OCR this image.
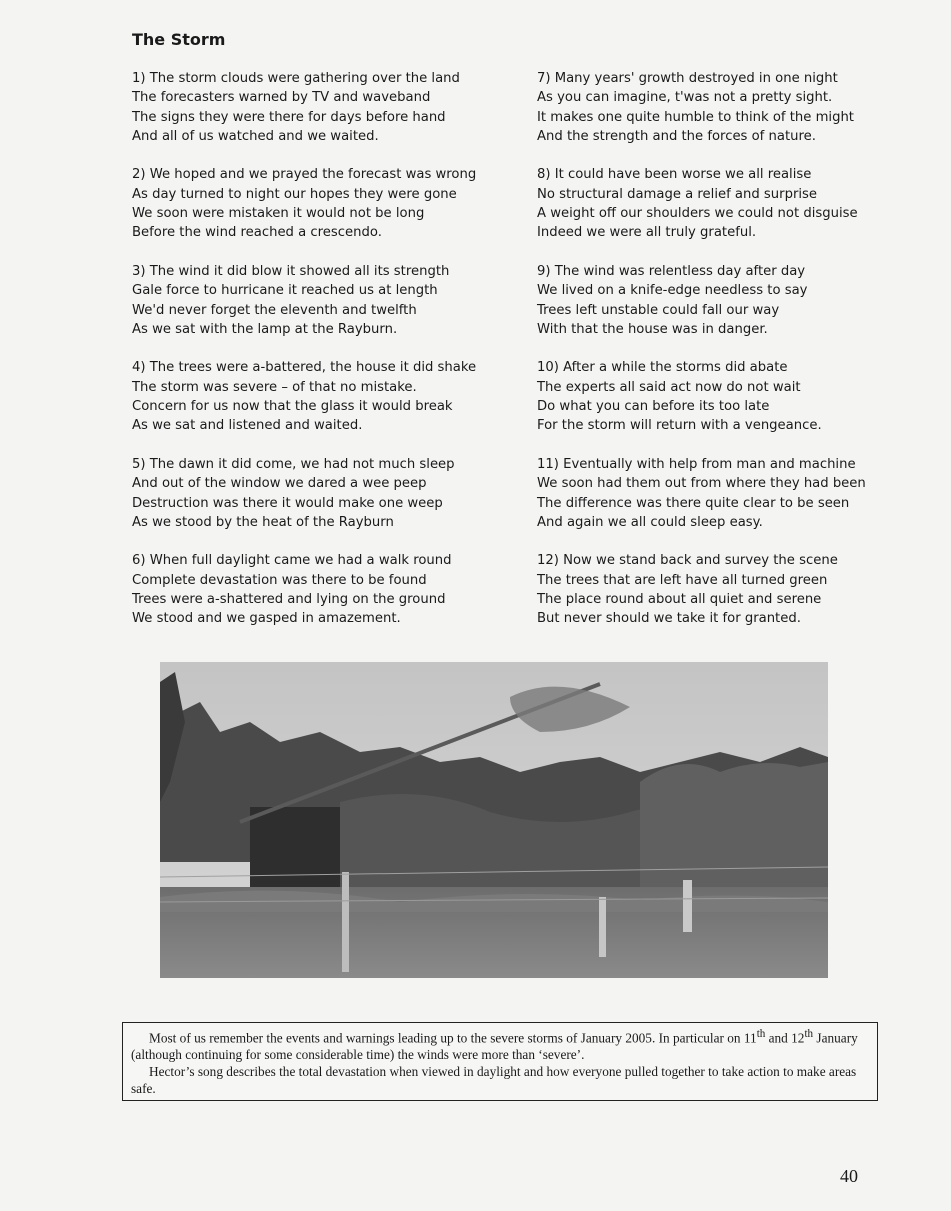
The Storm
1) The storm clouds were gathering over the land
The forecasters warned by TV and waveband
The signs they were there for days before hand
And all of us watched and we waited.
2) We hoped and we prayed the forecast was wrong
As day turned to night our hopes they were gone
We soon were mistaken it would not be long
Before the wind reached a crescendo.
3) The wind it did blow it showed all its strength
Gale force to hurricane it reached us at length
We'd never forget the eleventh and twelfth
As we sat with the lamp at the Rayburn.
4) The trees were a-battered, the house it did shake
The storm was severe – of that no mistake.
Concern for us now that the glass it would break
As we sat and listened and waited.
5) The dawn it did come, we had not much sleep
And out of the window we dared a wee peep
Destruction was there it would make one weep
As we stood by the heat of the Rayburn
6) When full daylight came we had a walk round
Complete devastation was there to be found
Trees were a-shattered and lying on the ground
We stood and we gasped in amazement.
7) Many years' growth destroyed in one night
As you can imagine, t'was not a pretty sight.
It makes one quite humble to think of the might
And the strength and the forces of nature.
8) It could have been worse we all realise
No structural damage a relief and surprise
A weight off our shoulders we could not disguise
Indeed we were all truly grateful.
9) The wind was relentless day after day
We lived on a knife-edge needless to say
Trees left unstable could fall our way
With that the house was in danger.
10) After a while the storms did abate
The experts all said act now do not wait
Do what you can before its too late
For the storm will return with a vengeance.
11) Eventually with help from man and machine
We soon had them out from where they had been
The difference was there quite clear to be seen
And again we all could sleep easy.
12) Now we stand back and survey the scene
The trees that are left have all turned green
The place round about all quiet and serene
But never should we take it for granted.

Most of us remember the events and warnings leading up to the severe storms of January 2005. In particular on 11th and 12th January (although continuing for some considerable time) the winds were more than ‘severe’.

Hector’s song describes the total devastation when viewed in daylight and how everyone pulled together to take action to make areas safe.

40
